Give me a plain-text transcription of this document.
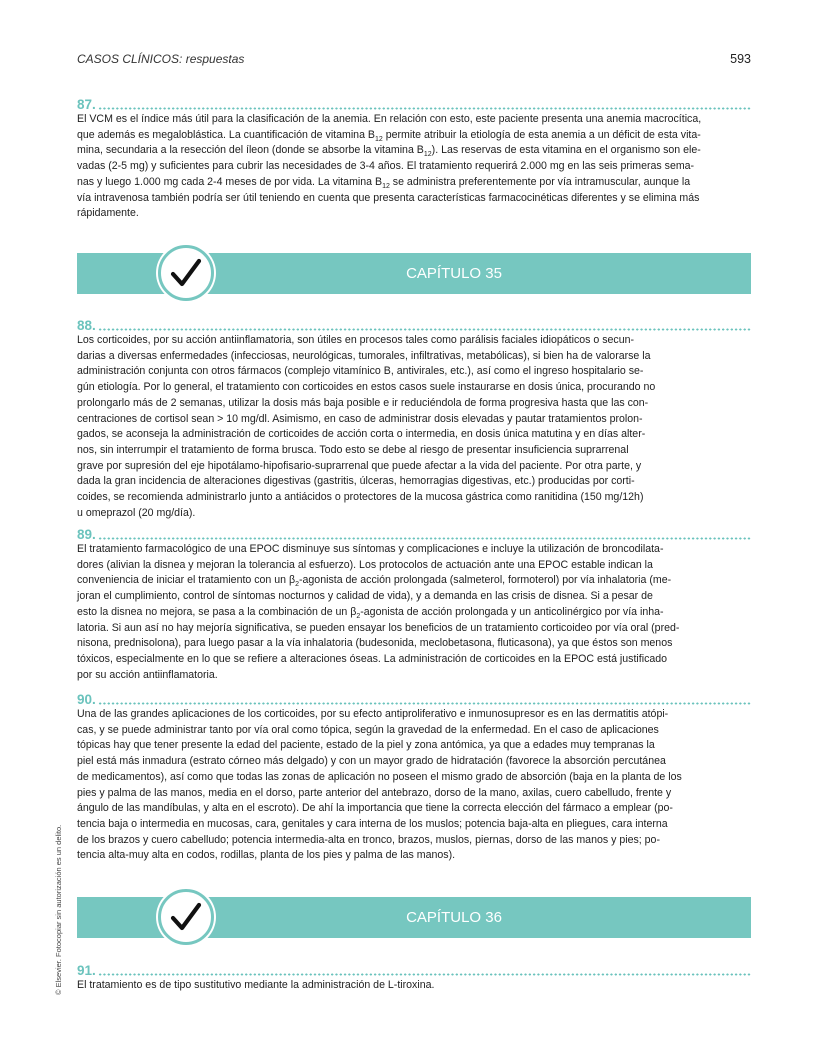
CASOS CLÍNICOS: respuestas	593
© Elsevier. Fotocopiar sin autorización es un delito.
87.
El VCM es el índice más útil para la clasificación de la anemia. En relación con esto, este paciente presenta una anemia macrocítica,
que además es megaloblástica. La cuantificación de vitamina $B_{12}$ permite atribuir la etiología de esta anemia a un déficit de esta vita-
mina, secundaria a la resección del íleon (donde se absorbe la vitamina $B_{12}$). Las reservas de esta vitamina en el organismo son ele-
vadas (2-5 mg) y suficientes para cubrir las necesidades de 3-4 años. El tratamiento requerirá 2.000 mg en las seis primeras sema-
nas y luego 1.000 mg cada 2-4 meses de por vida. La vitamina $B_{12}$ se administra preferentemente por vía intramuscular, aunque la
vía intravenosa también podría ser útil teniendo en cuenta que presenta características farmacocinéticas diferentes y se elimina más
rápidamente.
CAPÍTULO 35
88.
Los corticoides, por su acción antiinflamatoria, son útiles en procesos tales como parálisis faciales idiopáticos o secun-
darias a diversas enfermedades (infecciosas, neurológicas, tumorales, infiltrativas, metabólicas), si bien ha de valorarse la
administración conjunta con otros fármacos (complejo vitamínico B, antivirales, etc.), así como el ingreso hospitalario se-
gún etiología. Por lo general, el tratamiento con corticoides en estos casos suele instaurarse en dosis única, procurando no
prolongarlo más de 2 semanas, utilizar la dosis más baja posible e ir reduciéndola de forma progresiva hasta que las con-
centraciones de cortisol sean > 10 mg/dl. Asimismo, en caso de administrar dosis elevadas y pautar tratamientos prolon-
gados, se aconseja la administración de corticoides de acción corta o intermedia, en dosis única matutina y en días alter-
nos, sin interrumpir el tratamiento de forma brusca. Todo esto se debe al riesgo de presentar insuficiencia suprarrenal
grave por supresión del eje hipotálamo-hipofisario-suprarrenal que puede afectar a la vida del paciente. Por otra parte, y
dada la gran incidencia de alteraciones digestivas (gastritis, úlceras, hemorragias digestivas, etc.) producidas por corti-
coides, se recomienda administrarlo junto a antiácidos o protectores de la mucosa gástrica como ranitidina (150 mg/12h)
u omeprazol (20 mg/día).
89.
El tratamiento farmacológico de una EPOC disminuye sus síntomas y complicaciones e incluye la utilización de broncodilata-
dores (alivian la disnea y mejoran la tolerancia al esfuerzo). Los protocolos de actuación ante una EPOC estable indican la
conveniencia de iniciar el tratamiento con un $\beta_2$-agonista de acción prolongada (salmeterol, formoterol) por vía inhalatoria (me-
joran el cumplimiento, control de síntomas nocturnos y calidad de vida), y a demanda en las crisis de disnea. Si a pesar de
esto la disnea no mejora, se pasa a la combinación de un $\beta_2$-agonista de acción prolongada y un anticolinérgico por vía inha-
latoria. Si aun así no hay mejoría significativa, se pueden ensayar los beneficios de un tratamiento corticoideo por vía oral (pred-
nisona, prednisolona), para luego pasar a la vía inhalatoria (budesonida, meclobetasona, fluticasona), ya que éstos son menos
tóxicos, especialmente en lo que se refiere a alteraciones óseas. La administración de corticoides en la EPOC está justificado
por su acción antiinflamatoria.
90.
Una de las grandes aplicaciones de los corticoides, por su efecto antiproliferativo e inmunosupresor es en las dermatitis atópi-
cas, y se puede administrar tanto por vía oral como tópica, según la gravedad de la enfermedad. En el caso de aplicaciones
tópicas hay que tener presente la edad del paciente, estado de la piel y zona antómica, ya que a edades muy tempranas la
piel está más inmadura (estrato córneo más delgado) y con un mayor grado de hidratación (favorece la absorción percutánea
de medicamentos), así como que todas las zonas de aplicación no poseen el mismo grado de absorción (baja en la planta de los
pies y palma de las manos, media en el dorso, parte anterior del antebrazo, dorso de la mano, axilas, cuero cabelludo, frente y
ángulo de las mandíbulas, y alta en el escroto). De ahí la importancia que tiene la correcta elección del fármaco a emplear (po-
tencia baja o intermedia en mucosas, cara, genitales y cara interna de los muslos; potencia baja-alta en pliegues, cara interna
de los brazos y cuero cabelludo; potencia intermedia-alta en tronco, brazos, muslos, piernas, dorso de las manos y pies; po-
tencia alta-muy alta en codos, rodillas, planta de los pies y palma de las manos).
CAPÍTULO 36
91.
El tratamiento es de tipo sustitutivo mediante la administración de L-tiroxina.
